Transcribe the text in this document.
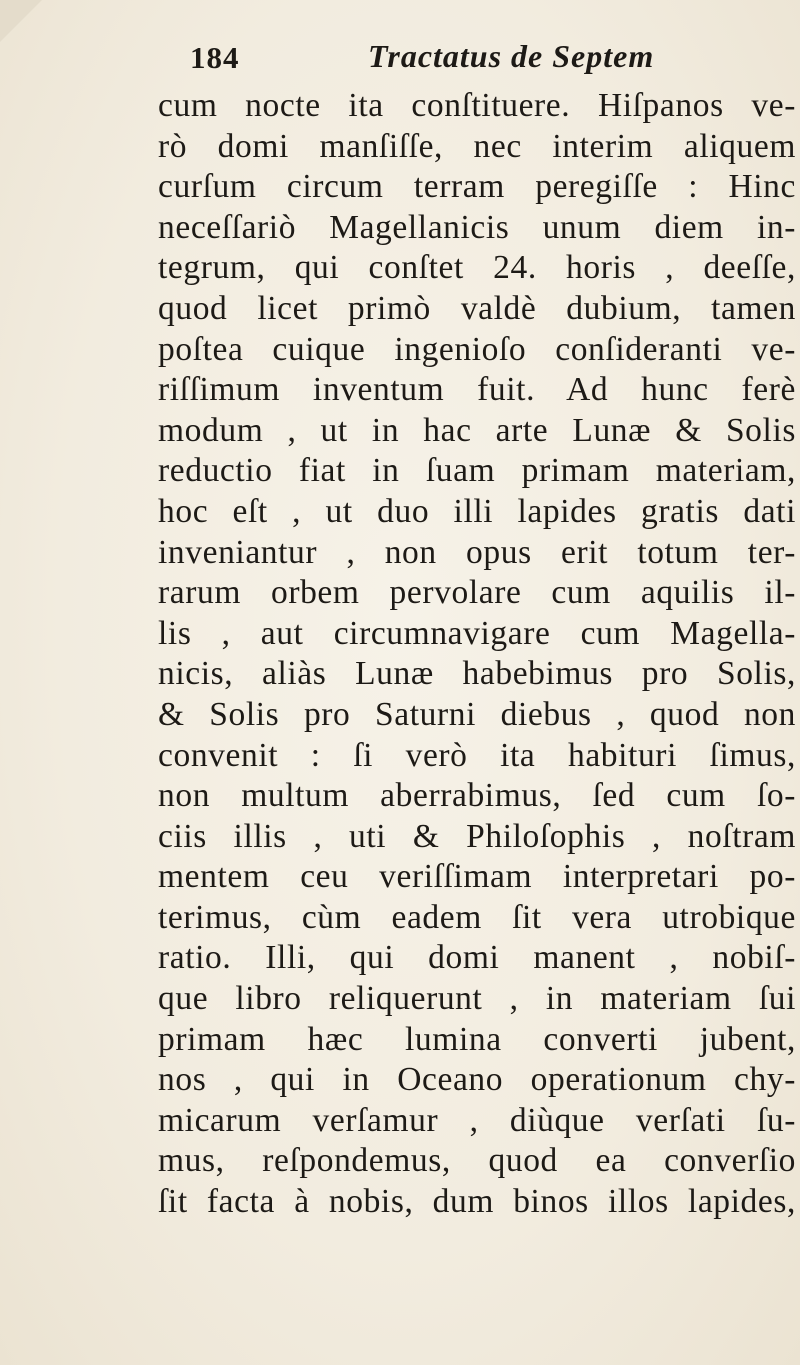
184	Tractatus de Septem
cum nocte ita conſtituere. Hiſpanos ve-
rò domi manſiſſe, nec interim aliquem
curſum circum terram peregiſſe : Hinc
neceſſariò Magellanicis unum diem in-
tegrum, qui conſtet 24. horis , deeſſe,
quod licet primò valdè dubium, tamen
poſtea cuique ingenioſo conſideranti ve-
riſſimum inventum fuit. Ad hunc ferè
modum , ut in hac arte Lunæ & Solis
reductio fiat in ſuam primam materiam,
hoc eſt , ut duo illi lapides gratis dati
inveniantur , non opus erit totum ter-
rarum orbem pervolare cum aquilis il-
lis , aut circumnavigare cum Magella-
nicis, aliàs Lunæ habebimus pro Solis,
& Solis pro Saturni diebus , quod non
convenit : ſi verò ita habituri ſimus,
non multum aberrabimus, ſed cum ſo-
ciis illis , uti & Philoſophis , noſtram
mentem ceu veriſſimam interpretari po-
terimus, cùm eadem ſit vera utrobique
ratio. Illi, qui domi manent , nobiſ-
que libro reliquerunt , in materiam ſui
primam hæc lumina converti jubent,
nos , qui in Oceano operationum chy-
micarum verſamur , diùque verſati ſu-
mus, reſpondemus, quod ea converſio
ſit facta à nobis, dum binos illos lapides,
